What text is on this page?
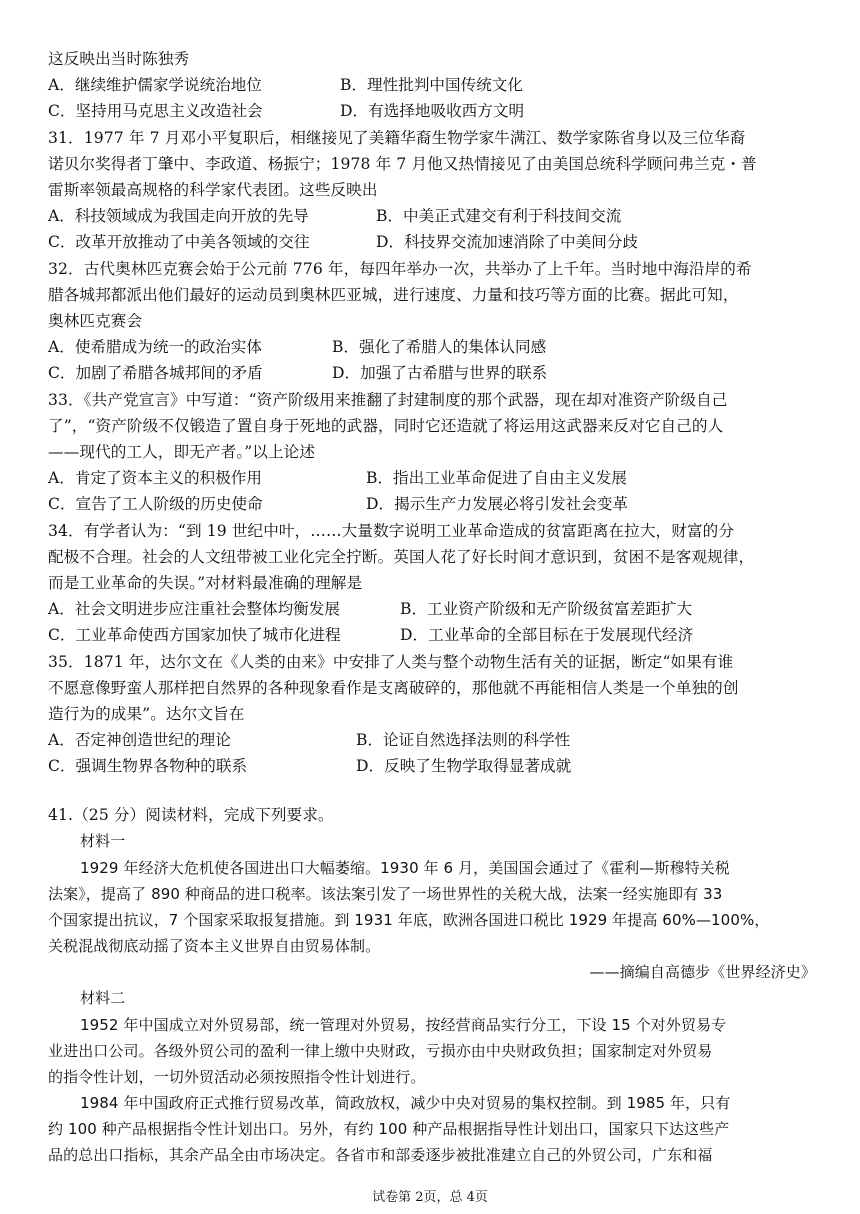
这反映出当时陈独秀
A．继续维护儒家学说统治地位	B．理性批判中国传统文化
C．坚持用马克思主义改造社会	D．有选择地吸收西方文明
31．1977 年 7 月邓小平复职后，相继接见了美籍华裔生物学家牛满江、数学家陈省身以及三位华裔
诺贝尔奖得者丁肇中、李政道、杨振宁；1978 年 7 月他又热情接见了由美国总统科学顾问弗兰克・普
雷斯率领最高规格的科学家代表团。这些反映出
A．科技领域成为我国走向开放的先导	B．中美正式建交有利于科技间交流
C．改革开放推动了中美各领域的交往	D．科技界交流加速消除了中美间分歧
32．古代奥林匹克赛会始于公元前 776 年，每四年举办一次，共举办了上千年。当时地中海沿岸的希
腊各城邦都派出他们最好的运动员到奥林匹亚城，进行速度、力量和技巧等方面的比赛。据此可知，
奥林匹克赛会
A．使希腊成为统一的政治实体	B．强化了希腊人的集体认同感
C．加剧了希腊各城邦间的矛盾	D．加强了古希腊与世界的联系
33．《共产党宣言》中写道：“资产阶级用来推翻了封建制度的那个武器，现在却对准资产阶级自己
了”，“资产阶级不仅锻造了置自身于死地的武器，同时它还造就了将运用这武器来反对它自己的人
——现代的工人，即无产者。”以上论述
A．肯定了资本主义的积极作用	B．指出工业革命促进了自由主义发展
C．宣告了工人阶级的历史使命	D．揭示生产力发展必将引发社会变革
34．有学者认为：“到 19 世纪中叶，……大量数字说明工业革命造成的贫富距离在拉大，财富的分
配极不合理。社会的人文纽带被工业化完全拧断。英国人花了好长时间才意识到，贫困不是客观规律，
而是工业革命的失误。”对材料最准确的理解是
A．社会文明进步应注重社会整体均衡发展	B．工业资产阶级和无产阶级贫富差距扩大
C．工业革命使西方国家加快了城市化进程	D．工业革命的全部目标在于发展现代经济
35．1871 年，达尔文在《人类的由来》中安排了人类与整个动物生活有关的证据，断定“如果有谁
不愿意像野蛮人那样把自然界的各种现象看作是支离破碎的，那他就不再能相信人类是一个单独的创
造行为的成果”。达尔文旨在
A．否定神创造世纪的理论	B．论证自然选择法则的科学性
C．强调生物界各物种的联系	D．反映了生物学取得显著成就
41.（25 分）阅读材料，完成下列要求。
材料一
1929 年经济大危机使各国进出口大幅萎缩。1930 年 6 月，美国国会通过了《霍利—斯穆特关税
法案》，提高了 890 种商品的进口税率。该法案引发了一场世界性的关税大战，法案一经实施即有 33
个国家提出抗议，7 个国家采取报复措施。到 1931 年底，欧洲各国进口税比 1929 年提高 60%—100%，
关税混战彻底动摇了资本主义世界自由贸易体制。
——摘编自高德步《世界经济史》
材料二
1952 年中国成立对外贸易部，统一管理对外贸易，按经营商品实行分工，下设 15 个对外贸易专
业进出口公司。各级外贸公司的盈利一律上缴中央财政，亏损亦由中央财政负担；国家制定对外贸易
的指令性计划，一切外贸活动必须按照指令性计划进行。
1984 年中国政府正式推行贸易改革，简政放权，减少中央对贸易的集权控制。到 1985 年，只有
约 100 种产品根据指令性计划出口。另外，有约 100 种产品根据指导性计划出口，国家只下达这些产
品的总出口指标，其余产品全由市场决定。各省市和部委逐步被批准建立自己的外贸公司，广东和福
试卷第 2页，总 4页
